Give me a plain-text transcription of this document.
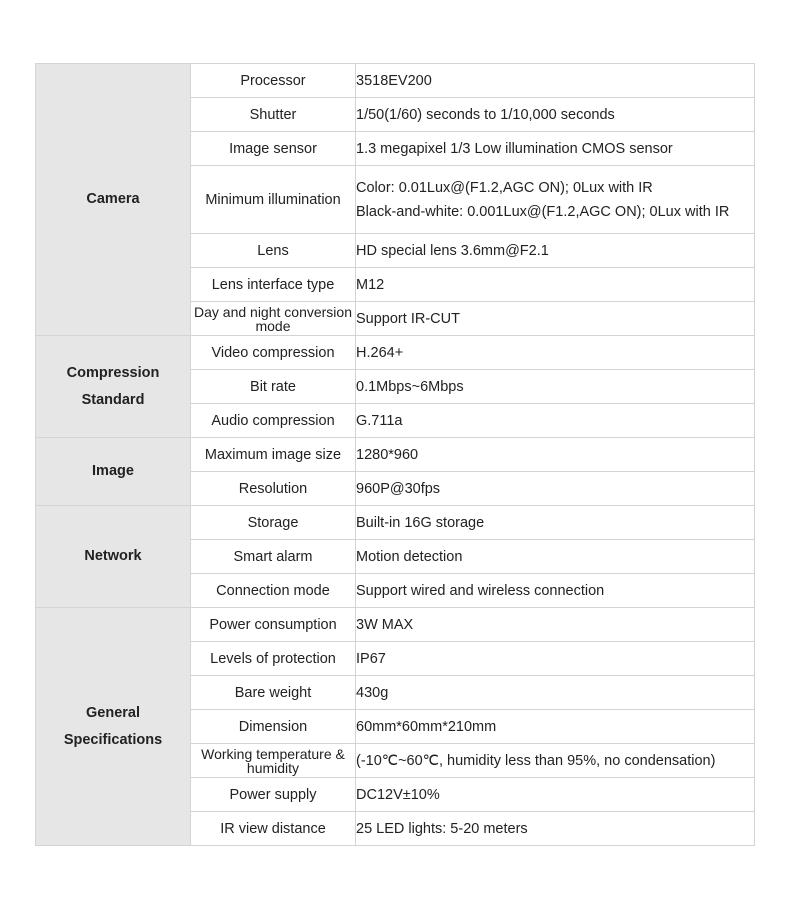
Camera	Processor	3518EV200
	Shutter	1/50(1/60) seconds to 1/10,000 seconds
	Image sensor	1.3 megapixel 1/3 Low illumination CMOS sensor
	Minimum illumination	Color: 0.01Lux@(F1.2,AGC ON); 0Lux with IR
Black-and-white: 0.001Lux@(F1.2,AGC ON); 0Lux with IR

	Lens	HD special lens 3.6mm@F2.1
	Lens interface type	M12
	Day and night conversion mode	Support IR-CUT
Compression Standard	Video compression	H.264+
	Bit rate	0.1Mbps~6Mbps
	Audio compression	G.711a
Image	Maximum image size	1280*960
	Resolution	960P@30fps
Network	Storage	Built-in 16G storage
	Smart alarm	Motion detection
	Connection mode	Support wired and wireless connection
General Specifications	Power consumption	3W MAX
	Levels of protection	IP67
	Bare weight	430g
	Dimension	60mm*60mm*210mm
	Working temperature & humidity	(-10℃~60℃, humidity less than 95%, no condensation)
	Power supply	DC12V±10%
	IR view distance	25 LED lights: 5-20 meters
